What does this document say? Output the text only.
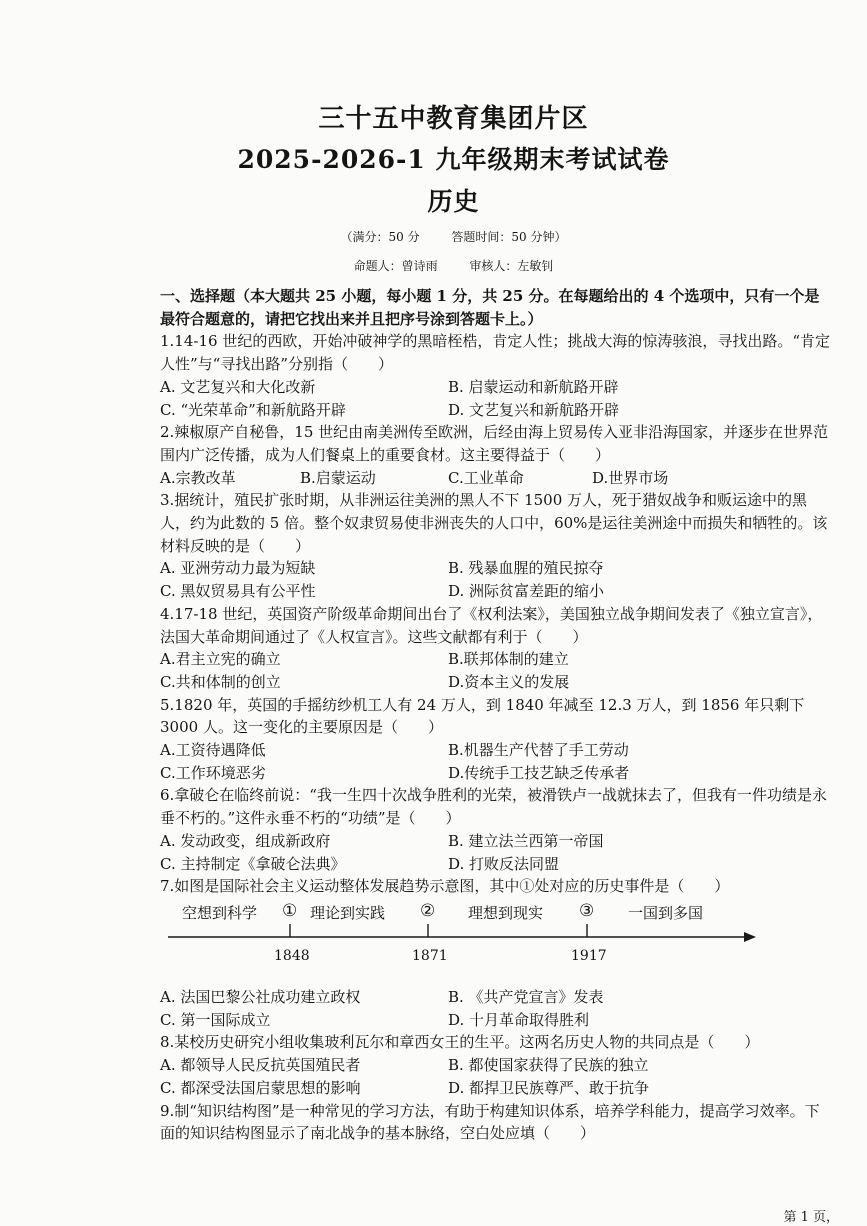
三十五中教育集团片区
2025-2026-1 九年级期末考试试卷
历史
（满分：50 分	答题时间：50 分钟）
命题人：曾诗雨	审核人：左敏钊
一、选择题（本大题共 25 小题，每小题 1 分，共 25 分。在每题给出的 4 个选项中，只有一个是最符合题意的，请把它找出来并且把序号涂到答题卡上。）
1.14-16 世纪的西欧，开始冲破神学的黑暗桎梏，肯定人性；挑战大海的惊涛骇浪，寻找出路。“肯定人性”与“寻找出路”分别指（　　）
A. 文艺复兴和大化改新	B. 启蒙运动和新航路开辟
C. “光荣革命”和新航路开辟	D. 文艺复兴和新航路开辟
2.辣椒原产自秘鲁，15 世纪由南美洲传至欧洲，后经由海上贸易传入亚非沿海国家，并逐步在世界范围内广泛传播，成为人们餐桌上的重要食材。这主要得益于（　　）
A.宗教改革	B.启蒙运动	C.工业革命	D.世界市场
3.据统计，殖民扩张时期，从非洲运往美洲的黑人不下 1500 万人，死于猎奴战争和贩运途中的黑人，约为此数的 5 倍。整个奴隶贸易使非洲丧失的人口中，60%是运往美洲途中而损失和牺牲的。该材料反映的是（　　）
A. 亚洲劳动力最为短缺	B. 残暴血腥的殖民掠夺
C. 黑奴贸易具有公平性	D. 洲际贫富差距的缩小
4.17-18 世纪，英国资产阶级革命期间出台了《权利法案》，美国独立战争期间发表了《独立宣言》，法国大革命期间通过了《人权宣言》。这些文献都有利于（　　）
A.君主立宪的确立	B.联邦体制的建立
C.共和体制的创立	D.资本主义的发展
5.1820 年，英国的手摇纺纱机工人有 24 万人，到 1840 年减至 12.3 万人，到 1856 年只剩下 3000 人。这一变化的主要原因是（　　）
A.工资待遇降低	B.机器生产代替了手工劳动
C.工作环境恶劣	D.传统手工技艺缺乏传承者
6.拿破仑在临终前说：“我一生四十次战争胜利的光荣，被滑铁卢一战就抹去了，但我有一件功绩是永垂不朽的。”这件永垂不朽的“功绩”是（　　）
A. 发动政变，组成新政府	B. 建立法兰西第一帝国
C. 主持制定《拿破仑法典》	D. 打败反法同盟
7.如图是国际社会主义运动整体发展趋势示意图，其中①处对应的历史事件是（　　）
空想到科学	理论到实践	理想到现实	一国到多国
①	②	③
1848	1871	1917
A. 法国巴黎公社成功建立政权	B. 《共产党宣言》发表
C. 第一国际成立	D. 十月革命取得胜利
8.某校历史研究小组收集玻利瓦尔和章西女王的生平。这两名历史人物的共同点是（　　）
A. 都领导人民反抗英国殖民者	B. 都使国家获得了民族的独立
C. 都深受法国启蒙思想的影响	D. 都捍卫民族尊严、敢于抗争
9.制“知识结构图”是一种常见的学习方法，有助于构建知识体系，培养学科能力，提高学习效率。下面的知识结构图显示了南北战争的基本脉络，空白处应填（　　）
第 1 页，
